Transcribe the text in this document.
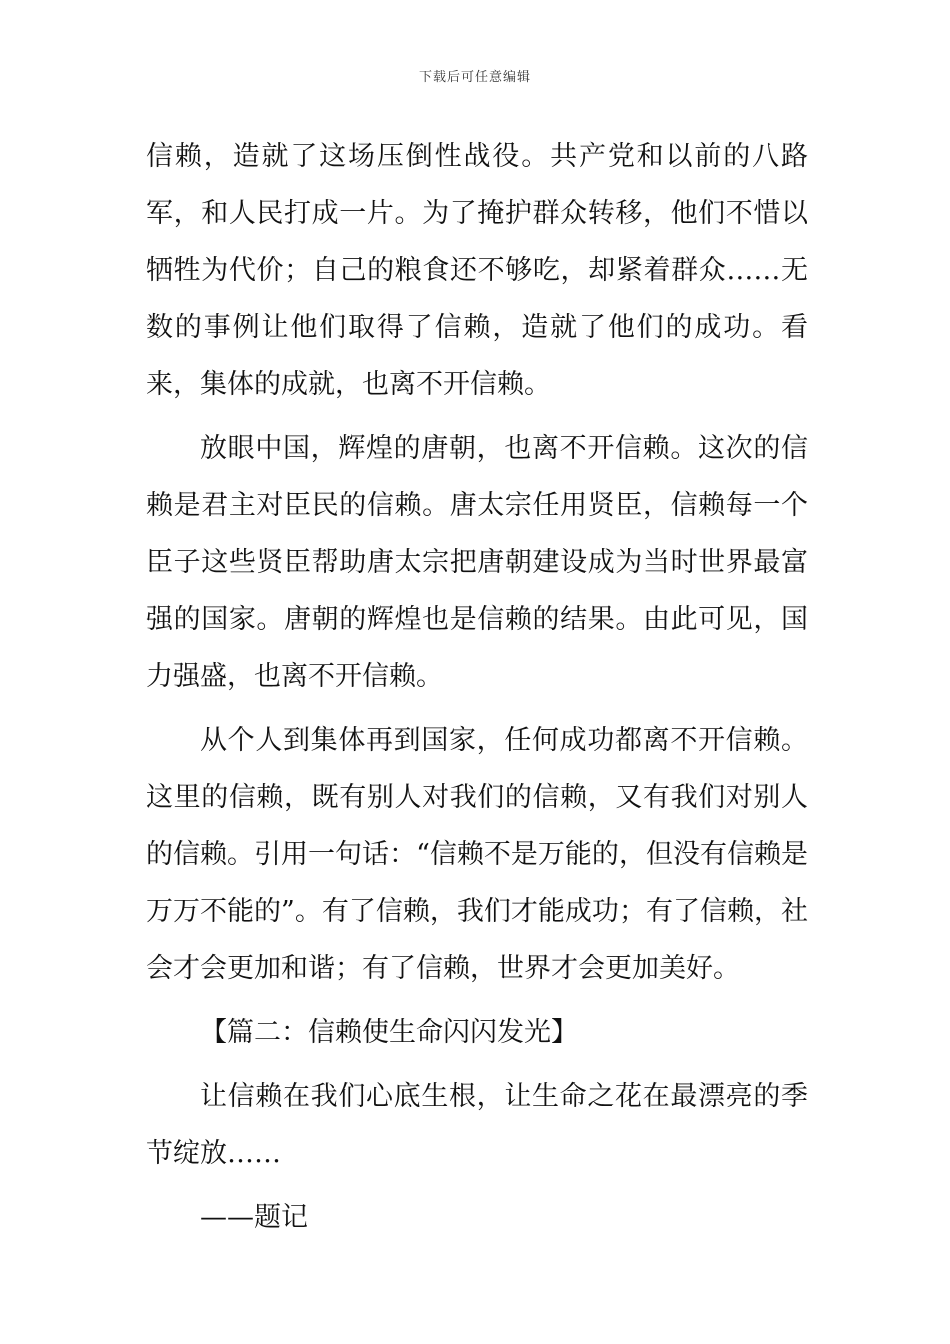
下载后可任意编辑

信赖，造就了这场压倒性战役。共产党和以前的八路军，和人民打成一片。为了掩护群众转移，他们不惜以牺牲为代价；自己的粮食还不够吃，却紧着群众……无数的事例让他们取得了信赖，造就了他们的成功。看来，集体的成就，也离不开信赖。

放眼中国，辉煌的唐朝，也离不开信赖。这次的信赖是君主对臣民的信赖。唐太宗任用贤臣，信赖每一个臣子这些贤臣帮助唐太宗把唐朝建设成为当时世界最富强的国家。唐朝的辉煌也是信赖的结果。由此可见，国力强盛，也离不开信赖。

从个人到集体再到国家，任何成功都离不开信赖。这里的信赖，既有别人对我们的信赖，又有我们对别人的信赖。引用一句话：“信赖不是万能的，但没有信赖是万万不能的”。有了信赖，我们才能成功；有了信赖，社会才会更加和谐；有了信赖，世界才会更加美好。

【篇二：信赖使生命闪闪发光】

让信赖在我们心底生根，让生命之花在最漂亮的季节绽放……

——题记
